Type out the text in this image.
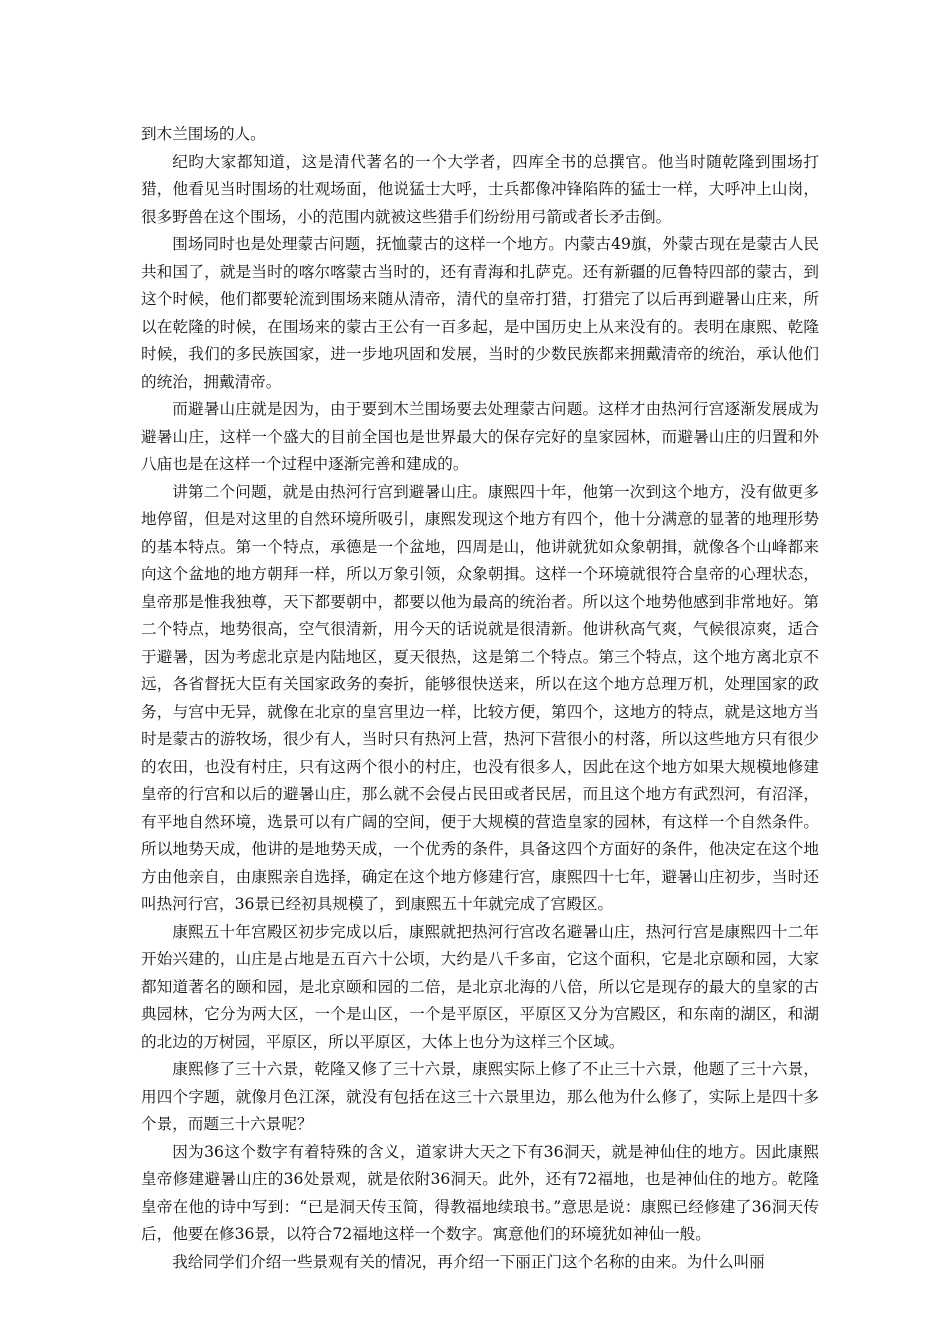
到木兰围场的人。

纪昀大家都知道，这是清代著名的一个大学者，四库全书的总撰官。他当时随乾隆到围场打猎，他看见当时围场的壮观场面，他说猛士大呼，士兵都像冲锋陷阵的猛士一样，大呼冲上山岗，很多野兽在这个围场，小的范围内就被这些猎手们纷纷用弓箭或者长矛击倒。

围场同时也是处理蒙古问题，抚恤蒙古的这样一个地方。内蒙古49旗，外蒙古现在是蒙古人民共和国了，就是当时的喀尔喀蒙古当时的，还有青海和扎萨克。还有新疆的厄鲁特四部的蒙古，到这个时候，他们都要轮流到围场来随从清帝，清代的皇帝打猎，打猎完了以后再到避暑山庄来，所以在乾隆的时候，在围场来的蒙古王公有一百多起，是中国历史上从来没有的。表明在康熙、乾隆时候，我们的多民族国家，进一步地巩固和发展，当时的少数民族都来拥戴清帝的统治，承认他们的统治，拥戴清帝。

而避暑山庄就是因为，由于要到木兰围场要去处理蒙古问题。这样才由热河行宫逐渐发展成为避暑山庄，这样一个盛大的目前全国也是世界最大的保存完好的皇家园林，而避暑山庄的归置和外八庙也是在这样一个过程中逐渐完善和建成的。

讲第二个问题，就是由热河行宫到避暑山庄。康熙四十年，他第一次到这个地方，没有做更多地停留，但是对这里的自然环境所吸引，康熙发现这个地方有四个，他十分满意的显著的地理形势的基本特点。第一个特点，承德是一个盆地，四周是山，他讲就犹如众象朝揖，就像各个山峰都来向这个盆地的地方朝拜一样，所以万象引领，众象朝揖。这样一个环境就很符合皇帝的心理状态，皇帝那是惟我独尊，天下都要朝中，都要以他为最高的统治者。所以这个地势他感到非常地好。第二个特点，地势很高，空气很清新，用今天的话说就是很清新。他讲秋高气爽，气候很凉爽，适合于避暑，因为考虑北京是内陆地区，夏天很热，这是第二个特点。第三个特点，这个地方离北京不远，各省督抚大臣有关国家政务的奏折，能够很快送来，所以在这个地方总理万机，处理国家的政务，与宫中无异，就像在北京的皇宫里边一样，比较方便，第四个，这地方的特点，就是这地方当时是蒙古的游牧场，很少有人，当时只有热河上营，热河下营很小的村落，所以这些地方只有很少的农田，也没有村庄，只有这两个很小的村庄，也没有很多人，因此在这个地方如果大规模地修建皇帝的行宫和以后的避暑山庄，那么就不会侵占民田或者民居，而且这个地方有武烈河，有沼泽，有平地自然环境，选景可以有广阔的空间，便于大规模的营造皇家的园林，有这样一个自然条件。所以地势天成，他讲的是地势天成，一个优秀的条件，具备这四个方面好的条件，他决定在这个地方由他亲自，由康熙亲自选择，确定在这个地方修建行宫，康熙四十七年，避暑山庄初步，当时还叫热河行宫，36景已经初具规模了，到康熙五十年就完成了宫殿区。

康熙五十年宫殿区初步完成以后，康熙就把热河行宫改名避暑山庄，热河行宫是康熙四十二年开始兴建的，山庄是占地是五百六十公顷，大约是八千多亩，它这个面积，它是北京颐和园，大家都知道著名的颐和园，是北京颐和园的二倍，是北京北海的八倍，所以它是现存的最大的皇家的古典园林，它分为两大区，一个是山区，一个是平原区，平原区又分为宫殿区，和东南的湖区，和湖的北边的万树园，平原区，所以平原区，大体上也分为这样三个区域。

康熙修了三十六景，乾隆又修了三十六景，康熙实际上修了不止三十六景，他题了三十六景，用四个字题，就像月色江深，就没有包括在这三十六景里边，那么他为什么修了，实际上是四十多个景，而题三十六景呢？

因为36这个数字有着特殊的含义，道家讲大天之下有36洞天，就是神仙住的地方。因此康熙皇帝修建避暑山庄的36处景观，就是依附36洞天。此外，还有72福地，也是神仙住的地方。乾隆皇帝在他的诗中写到：“已是洞天传玉简，得教福地续琅书。”意思是说：康熙已经修建了36洞天传后，他要在修36景，以符合72福地这样一个数字。寓意他们的环境犹如神仙一般。

我给同学们介绍一些景观有关的情况，再介绍一下丽正门这个名称的由来。为什么叫丽
